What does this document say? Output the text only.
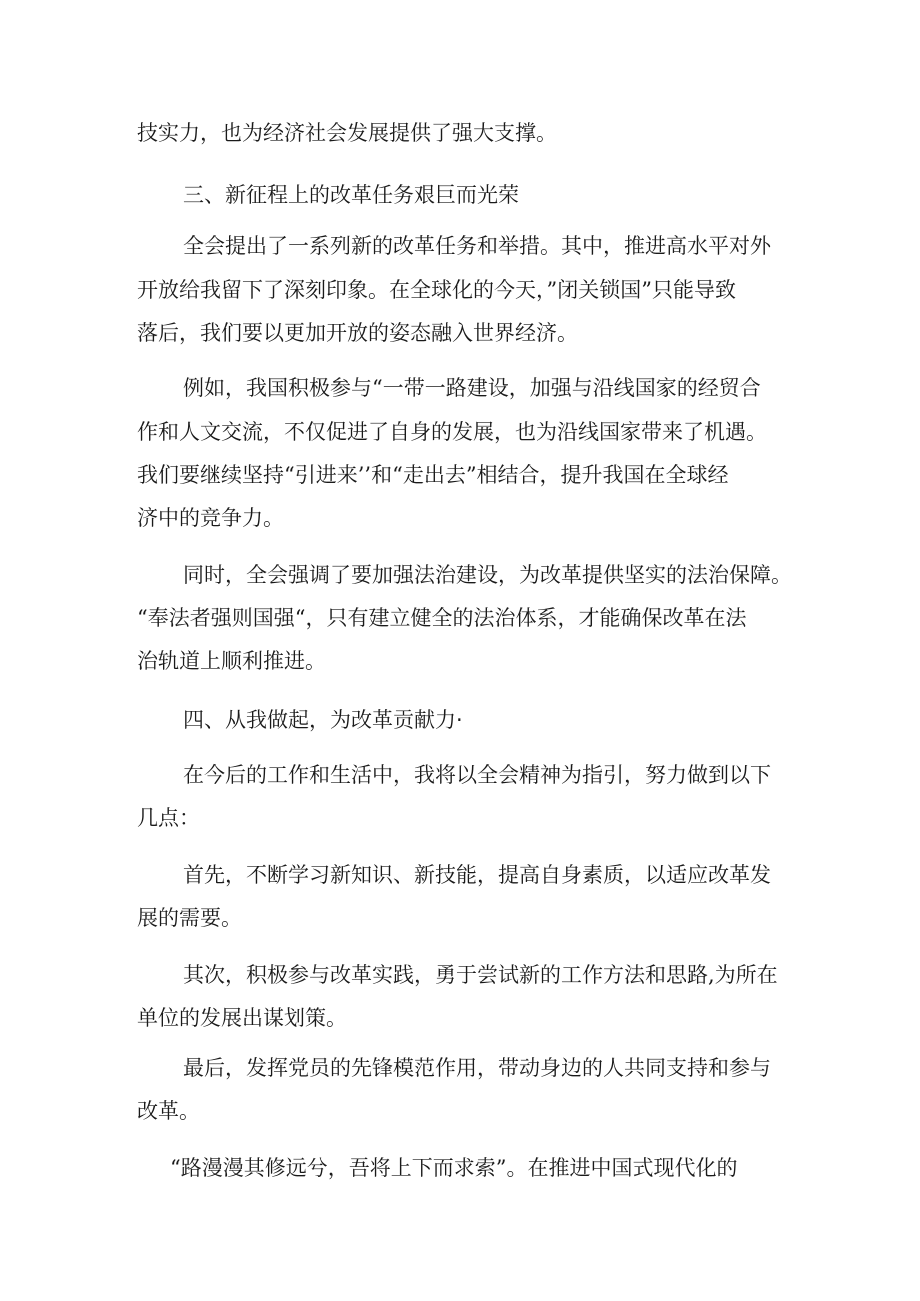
技实力，也为经济社会发展提供了强大支撑。
三、新征程上的改革任务艰巨而光荣
全会提出了一系列新的改革任务和举措。其中，推进高水平对外
开放给我留下了深刻印象。在全球化的今天，”闭关锁国”只能导致
落后，我们要以更加开放的姿态融入世界经济。
例如，我国积极参与“一带一路建设，加强与沿线国家的经贸合
作和人文交流，不仅促进了自身的发展，也为沿线国家带来了机遇。
我们要继续坚持“引进来’’和“走出去”相结合，提升我国在全球经
济中的竞争力。
同时，全会强调了要加强法治建设，为改革提供坚实的法治保障。
“奉法者强则国强“，只有建立健全的法治体系，才能确保改革在法
治轨道上顺利推进。
四、从我做起，为改革贡献力·
在今后的工作和生活中，我将以全会精神为指引，努力做到以下
几点：
首先，不断学习新知识、新技能，提高自身素质，以适应改革发
展的需要。
其次，积极参与改革实践，勇于尝试新的工作方法和思路,为所在
单位的发展出谋划策。
最后，发挥党员的先锋模范作用，带动身边的人共同支持和参与
改革。
“路漫漫其修远兮，吾将上下而求索”。在推进中国式现代化的
